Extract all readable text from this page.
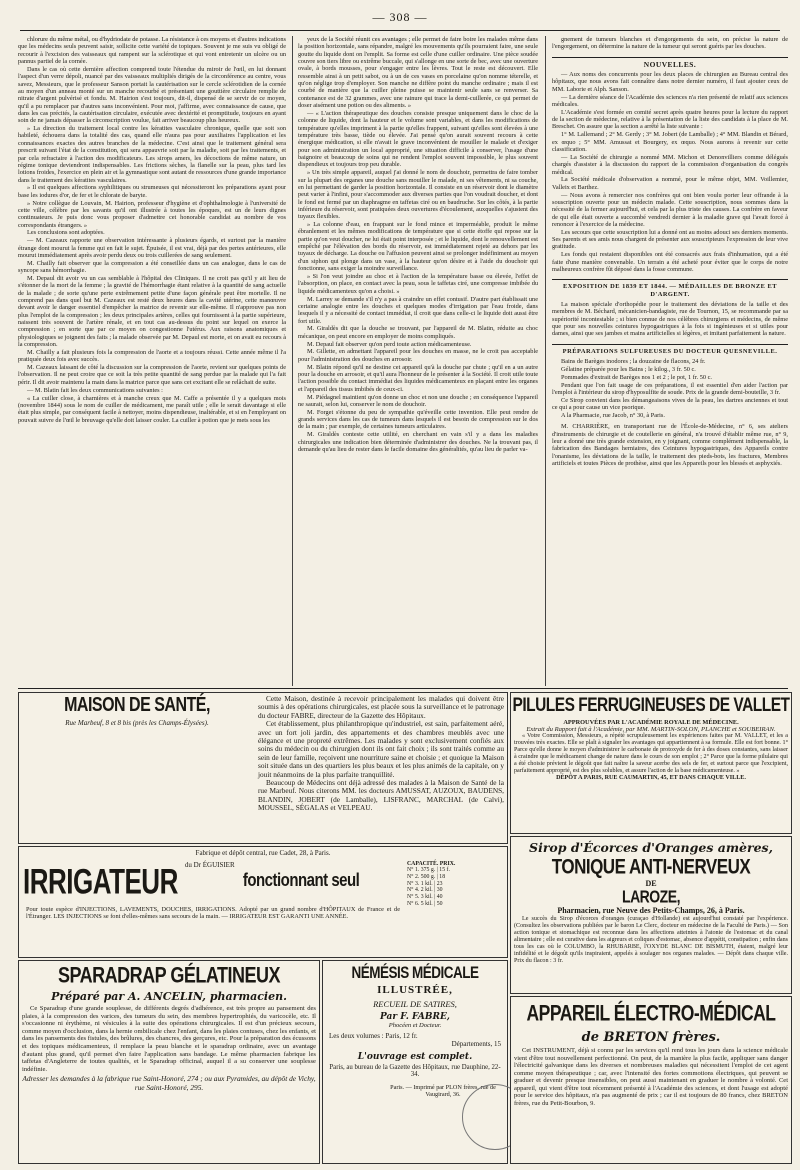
— 308 —

chlorure du même métal, ou d'hydriodate de potasse. La résistance à ces moyens et d'autres indications que les médecins seuls peuvent saisir, sollicite cette variété de topiques. Souvent je me suis vu obligé de recourir à l'excision des vaisseaux qui rampent sur la sclérotique et qui vont entretenir un ulcère ou un pannus partiel de la cornée.

Dans le cas où cette dernière affection comprend toute l'étendue du miroir de l'œil, en lui donnant l'aspect d'un verre dépoli, nuancé par des vaisseaux multipliés dirigés de la circonférence au centre, vous savez, Messieurs, que le professeur Sanson portait la cautérisation sur le cercle sclérotidien de la cornée au moyen d'un anneau monté sur un manche recourbé et présentant une gouttière circulaire remplie de nitrate d'argent pulvérisé et fondu. M. Hairion s'est toujours, dit-il, dispensé de se servir de ce moyen, qu'il a pu remplacer par d'autres sans inconvénient. Pour moi, j'affirme, avec connaissance de cause, que dans les cas précités, la cautérisation circulaire, exécutée avec dextérité et promptitude, toujours en ayant soin de ne jamais dépasser la circonscription voulue, fait arriver beaucoup plus heureux.

» La direction du traitement local contre les kératites vasculaire chronique, quelle que soit son habileté, échouera dans la totalité des cas, quand elle n'aura pas pour auxiliaires l'application et les connaissances exactes des autres branches de la médecine. C'est ainsi que le traitement général sera prescrit suivant l'état de la constitution, qui sera appauvrie soit par la maladie, soit par les traitements, et par cela refractaire à l'action des modificateurs. Les sirops amers, les décoctions de même nature, un régime tonique deviendront indispensables. Les frictions sèches, la flanelle sur la peau, plus tard les lotions froides, l'exercice en plein air et la gymnastique sont autant de ressources d'une grande importance dans le traitement des kératites vasculaires.

» Il est quelques affections syphilitiques ou strumeuses qui nécessiteront les préparations ayant pour base les iodures d'or, de fer et le chlorate de baryte.

» Notre collègue de Louvain, M. Hairion, professeur d'hygiène et d'ophthalmologie à l'université de cette ville, célèbre par les savants qu'il ont illustrée à toutes les époques, est un de leurs dignes continuateurs. Je puis donc vous proposer d'admettre cet honorable candidat au nombre de vos correspondants étrangers. »

Les conclusions sont adoptées.

— M. Cazeaux rapporte une observation intéressante à plusieurs égards, et surtout par la manière étrange dont mourut la femme qui en fait le sujet. Épuisée, il est vrai, déjà par des pertes antérieures, elle mourut immédiatement après avoir perdu deux ou trois cuillerées de sang seulement.

M. Chailly fait observer que la compression a été conseillée dans un cas analogue, dans le cas de syncope sans hémorrhagie.

M. Depaul dit avoir vu un cas semblable à l'hôpital des Cliniques. Il ne croit pas qu'il y ait lieu de s'étonner de la mort de la femme ; la gravité de l'hémorrhagie étant relative à la quantité de sang actuelle de la malade ; de sorte qu'une perte extrêmement petite d'une façon générale peut être mortelle. Il ne comprend pas dans quel but M. Cazeaux est resté deux heures dans la cavité utérine, cette manœuvre devant avoir le danger essentiel d'empêcher la matrice de revenir sur elle-même. Il n'approuve pas non plus l'emploi de la compression ; les deux principales artères, celles qui fournissent à la partie supérieure, naissent très souvent de l'artère rénale, et en tout cas au-dessus du point sur lequel on exerce la compression ; en sorte que par ce moyen on congestionne l'utérus. Aux raisons anatomiques et physiologiques se joignent des faits ; la malade observée par M. Depaul est morte, et on avait eu recours à la compression.

M. Chailly a fait plusieurs fois la compression de l'aorte et a toujours réussi. Cette année même il l'a pratiquée deux fois avec succès.

M. Cazeaux laissant de côté la discussion sur la compression de l'aorte, revient sur quelques points de l'observation. Il ne peut croire que ce soit la très petite quantité de sang perdue par la malade qui l'a fait périr. Il dit avoir maintenu la main dans la matrice parce que sans cet excitant elle se relâchait de suite.

— M. Blatin fait les deux communications suivantes :

« La cuiller close, à charnières et à manche creux que M. Caffe a présentée il y a quelques mois (novembre 1844) sous le nom de cuiller de médicament, me paraît utile ; elle le serait davantage si elle était plus simple, par conséquent facile à nettoyer, moins dispendieuse, inaltérable, et si en l'employant on pouvait suivre de l'œil le breuvage qu'elle doit laisser couler. La cuiller à potion que je mets sous les

yeux de la Société réunit ces avantages ; elle permet de faire boire les malades même dans la position horizontale, sans répandre, malgré les mouvements qu'ils pourraient faire, une seule goutte du liquide dont on l'emplit. Sa forme est celle d'une cuiller ordinaire. Une pièce soudée couvre son tiers libre ou extrême buccale, qui s'allonge en une sorte de bec, avec une ouverture ovale, à bords mousses, pour s'engager entre les lèvres. Tout le reste est découvert. Elle ressemble ainsi à un petit sabot, ou à un de ces vases en porcelaine qu'on nomme téterelle, et qu'on néglige trop d'employer. Son manche ne diffère point du manche ordinaire ; mais il est courbé de manière que la cuiller pleine puisse se maintenir seule sans se renverser. Sa contenance est de 32 grammes, avec une rainure qui trace la demi-cuillerée, ce qui permet de doser aisément une potion ou des aliments. »

— « L'action thérapeutique des douches consiste presque uniquement dans le choc de la colonne de liquide, dont la hauteur et le volume sont variables, et dans les modifications de température qu'elles impriment à la partie qu'elles frappent, suivant qu'elles sont élevées à une température très basse, tiède ou élevée. J'ai pensé qu'on aurait souvent recours à cette énergique médication, si elle n'avait le grave inconvénient de mouiller le malade et d'exiger pour son administration un local approprié, une situation difficile à conserver, l'usage d'une baignoire et beaucoup de soins qui ne rendent l'emploi souvent impossible, le plus souvent dispendieux et toujours trop peu durable.

» Un très simple appareil, auquel j'ai donné le nom de douchoir, permettra de faire tomber sur la plupart des organes une douche sans mouiller le malade, ni ses vêtements, ni sa couche, en lui permettant de garder la position horizontale. Il consiste en un réservoir dont le diamètre peut varier à l'infini, pour s'accommoder aux diverses parties que l'on voudrait doucher, et dont le fond est fermé par un diaphragme en taffetas ciré ou en baudruche. Sur les côtés, à la partie inférieure du réservoir, sont pratiquées deux ouvertures d'écoulement, auxquelles s'ajustent des tuyaux flexibles.

» La colonne d'eau, en frappant sur le fond mince et imperméable, produit le même ébranlement et les mêmes modifications de température que si cette étoffe qui repose sur la partie qu'on veut doucher, ne lui était point interposée ; et le liquide, dont le renouvellement est empêché par l'élévation des bords du réservoir, est immédiatement rejeté au dehors par les tuyaux de décharge. La douche ou l'affusion peuvent ainsi se prolonger indéfiniment au moyen d'un siphon qui plonge dans un vase, à la hauteur qu'on désire et à l'aide du douchoir qui fonctionne, sans exiger la moindre surveillance.

» Si l'on veut joindre au choc et à l'action de la température basse ou élevée, l'effet de l'absorption, on place, en contact avec la peau, sous le taffetas ciré, une compresse imbibée du liquide médicamenteux qu'on a choisi. »

M. Larrey se demande s'il n'y a pas à craindre un effet contusif. D'autre part établissait une certaine analogie entre les douches et quelques modes d'irrigation par l'eau froide, dans lesquels il y a nécessité de contact immédiat, il croit que dans celle-ci le liquide doit aussi être fort utile.

M. Giraldès dit que la douche se trouvant, par l'appareil de M. Blatin, réduite au choc mécanique, on peut encore en employer de moins compliqués.

M. Depaul fait observer qu'on perd toute action médicamenteuse.

M. Gillette, en admettant l'appareil pour les douches en masse, ne le croit pas acceptable pour l'administration des douches en arrosoir.

M. Blatin répond qu'il ne destine cet appareil qu'à la douche par chute ; qu'il en a un autre pour la douche en arrosoir, et qu'il aura l'honneur de le présenter à la Société. Il croit utile toute l'action possible du contact immédiat des liquides médicamenteux en plaçant entre les organes et l'appareil des tissus imbibés de ceux-ci.

M. Piédagnel maintient qu'on donne un choc et non une douche ; en conséquence l'appareil ne saurait, selon lui, conserver le nom de douchoir.

M. Forget s'étonne du peu de sympathie qu'éveille cette invention. Elle peut rendre de grands services dans les cas de tumeurs dans lesquels il est besoin de compression sur le dos de la main ; par exemple, de certaines tumeurs articulaires.

M. Giraldès conteste cette utilité, en cherchant en vain s'il y a dans les maladies chirurgicales une indication bien déterminée d'administrer des douches. Ne la trouvant pas, il demande qu'au lieu de rester dans le facile domaine des généralités, qu'au lieu de parler va-

gnement de tumeurs blanches et d'engorgements du sein, on précise la nature de l'engorgement, on détermine la nature de la tumeur qui seront guéris par les douches.

NOUVELLES.

— Aux noms des concurrents pour les deux places de chirurgien au Bureau central des hôpitaux, que nous avons fait connaître dans notre dernier numéro, il faut ajouter ceux de MM. Laborie et Alph. Sanson.

— La dernière séance de l'Académie des sciences n'a rien présenté de relatif aux sciences médicales.

L'Académie s'est formée en comité secret après quatre heures pour la lecture du rapport de la section de médecine, relative à la présentation de la liste des candidats à la place de M. Breschet. On assure que la section a arrêté la liste suivante :

1° M. Lallemand ; 2° M. Gerdy ; 3° M. Jobert (de Lamballe) ; 4° MM. Blandin et Bérard, ex œquo ; 5° MM. Amussat et Bourgery, ex œquo. Nous aurons à revenir sur cette classification.

— La Société de chirurgie a nommé MM. Michon et Denonvilliers comme délégués chargés d'assister à la discussion du rapport de la commission d'organisation du congrès médical.

La Société médicale d'observation a nommé, pour le même objet, MM. Voillemier, Valleix et Barthez.

— Nous avons à remercier nos confrères qui ont bien voulu porter leur offrande à la souscription ouverte pour un médecin malade. Cette souscription, nous sommes dans la nécessité de la fermer aujourd'hui, et cela par la plus triste des causes. La confrère en faveur de qui elle était ouverte a succombé vendredi dernier à la maladie grave qui l'avait forcé à renoncer à l'exercice de la médecine.

Les secours que cette souscription lui a donné ont au moins adouci ses derniers moments. Ses parents et ses amis nous chargent de présenter aux souscripteurs l'expression de leur vive gratitude.

Les fonds qui restaient disponibles ont été consacrés aux frais d'inhumation, qui a été faite d'une manière convenable. Un terrain a été acheté pour éviter que le corps de notre malheureux confrère fût déposé dans la fosse commune.

EXPOSITION DE 1839 ET 1844. — MÉDAILLES DE BRONZE ET D'ARGENT.

La maison spéciale d'orthopédie pour le traitement des déviations de la taille et des membres de M. Béchard, mécanicien-bandagiste, rue de Tournon, 15, se recommande par sa supériorité incontestable ; si bien connue de nos célèbres chirurgiens et médecins, de même que pour ses nouvelles ceintures hypogastriques à la fois si ingénieuses et si utiles pour dames, ainsi que ses jambes et mains artificielles si légères, et imitant parfaitement la nature.

PRÉPARATIONS SULFUREUSES DU DOCTEUR QUESNEVILLE.

Bains de Barèges inodores ; la douzaine de flacons, 24 fr.

Gélatine préparée pour les Bains ; le kilog., 3 fr. 50 c.

Pommades d'extrait de Barèges nos 1 et 2 ; le pot, 1 fr. 50 c.

Pendant que l'on fait usage de ces préparations, il est essentiel d'en aider l'action par l'emploi à l'intérieur du sirop d'hyposulfite de soude. Prix de la grande demi-bouteille, 3 fr.

Ce Sirop convient dans les démangeaisons vives de la peau, les dartres anciennes et tout ce qui a pour cause un vice psorique.

A la Pharmacie, rue Jacob, n° 30, à Paris.

M. CHARRIÈRE, en transportant rue de l'École-de-Médecine, n° 6, ses ateliers d'instruments de chirurgie et de coutellerie en général, n'a trouvé d'établir même rue, n° 9, leur a donné une très grande extension, en y joignant, comme complément indispensable, la fabrication des Bandages herniaires, des Ceintures hypogastriques, des Appareils contre l'onanisme, les déviations de la taille, le traitement des pieds-bots, les fractures, Membres artificiels et toutes Pièces de prothèse, ainsi que les Appareils pour les blessés et asphyxiés.

MAISON DE SANTÉ,
Rue Marbeuf, 8 et 8 bis (près les Champs-Élysées).

Cette Maison, destinée à recevoir principalement les malades qui doivent être soumis à des opérations chirurgicales, est placée sous la surveillance et le patronage du docteur FABRE, directeur de la Gazette des Hôpitaux.

Cet établissement, plus philanthropique qu'industriel, est sain, parfaitement aéré, avec un fort joli jardin, des appartements et des chambres meublés avec une élégance et une propreté extrêmes. Les malades y sont exclusivement confiés aux soins du médecin ou du chirurgien dont ils ont fait choix ; ils sont traités comme au sein de leur famille, reçoivent une nourriture saine et choisie ; et quoique la Maison soit située dans un des quartiers les plus beaux et les plus animés de la capitale, on y jouit néanmoins de la plus parfaite tranquillité.

Beaucoup de Médecins ont déjà adressé des malades à la Maison de Santé de la rue Marbeuf. Nous citerons MM. les docteurs AMUSSAT, AUZOUX, BAUDENS, BLANDIN, JOBERT (de Lamballe), LISFRANC, MARCHAL (de Calvi), MOUSSEL, SÉGALAS et VELPEAU.

Fabrique et dépôt central, rue Cadet, 28, à Paris.
IRRIGATEUR du Dr ÉGUISIER fonctionnant seul
Pour toute espèce d'INJECTIONS, LAVEMENTS, DOUCHES, IRRIGATIONS. Adopté par un grand nombre d'HÔPITAUX de France et de l'Étranger. LES INJECTIONS se font d'elles-mêmes sans secours de la main. — IRRIGATEUR EST GARANTI UNE ANNÉE.
CAPACITÉ. PRIX.
N° 1. 375 g. | 15 f.
N° 2. 500 g. | 18
N° 3. 1 kil. | 23
N° 4. 2 kil. | 30
N° 5. 3 kil. | 40
N° 6. 5 kil. | 50
SPARADRAP GÉLATINEUX
Préparé par A. ANCELIN, pharmacien.

Ce Sparadrap d'une grande souplesse, de différents degrés d'adhérence, est très propre au pansement des plaies, à la compression des varices, des tumeurs du sein, des membres hypertrophiés, du varicocèle, etc. Il s'occasionne ni érythème, ni vésicules à la suite des opérations chirurgicales. Il est d'un précieux secours, comme moyen d'occlusion, dans la hernie ombilicale chez l'enfant, dans les plaies contuses, chez les enfants, et dans les pansements des fistules, des brûlures, des chancres, des gerçures, etc. Pour la préparation des écussons et des topiques médicamenteux, il remplace la peau blanche et le sparadrap ordinaire, avec un avantage d'autant plus grand, qu'il permet d'en faire l'application sans bandage. Le même pharmacien fabrique les taffetas d'Angleterre de toutes qualités, et le Sparadrap officinal, auquel il a su conserver une souplesse indéfinie.

Adresser les demandes à la fabrique rue Saint-Honoré, 274 ; ou aux Pyramides, au dépôt de Vichy, rue Saint-Honoré, 295.

NÉMÉSIS MÉDICALE
ILLUSTRÉE,
RECUEIL DE SATIRES,
Par F. FABRE,
Phocéen et Docteur.
Les deux volumes : Paris, 12 fr.
Départements, 15
L'ouvrage est complet.
Paris, au bureau de la Gazette des Hôpitaux, rue Dauphine, 22-34.
Paris. — Imprimé par PLON frères, rue de Vaugirard, 36.
PILULES FERRUGINEUSES DE VALLET
APPROUVÉES PAR L'ACADÉMIE ROYALE DE MÉDECINE.
Extrait du Rapport fait à l'Académie, par MM. MARTIN-SOLON, PLANCHE et SOUBEIRAN.

« Votre Commission, Messieurs, a répété scrupuleusement les expériences faites par M. VALLET, et les a trouvées très exactes. Elle se plaît à signaler les avantages qui appartiennent à sa formule. Elle est fort bonne. 1° Parce qu'elle donne le moyen d'administrer le carbonate de protoxyde de fer à des doses constantes, sans laisser à craindre que le médicament change de nature dans le cours de son emploi ; 2° Parce que la forme pilulaire qui a été choisie prévient le dégoût que fait naître la saveur acerbe des sels de fer, et surtout parce que l'excipient, parfaitement approprié, est des plus solubles, et assure l'action de la base médicamenteuse. »

DÉPÔT A PARIS, RUE CAUMARTIN, 45, ET DANS CHAQUE VILLE.

Sirop d'Écorces d'Oranges amères,
TONIQUE ANTI-NERVEUX
DE
LAROZE,
Pharmacien, rue Neuve des Petits-Champs, 26, à Paris.

Le succès du Sirop d'écorces d'oranges (curaçao d'Hollande) est aujourd'hui constaté par l'expérience. (Consultez les observations publiées par le baron Le Clerc, docteur en médecine de la Faculté de Paris.) — Son action tonique et stomachique est reconnue dans les affections atteintes à l'atonie de l'estomac et du canal alimentaire ; elle est curative dans les aigreurs et coliques d'estomac, absence d'appétit, constipation ; enfin dans tous les cas où le COLUMBO, la RHUBARBE, l'OXYDE BLANC DE BISMUTH, étaient, malgré leur infidélité et le dégoût qu'ils inspiraient, appelés à soulager nos organes malades. — Dépôt dans chaque ville. Prix du flacon : 3 fr.

APPAREIL ÉLECTRO-MÉDICAL
de BRETON frères.

Cet INSTRUMENT, déjà si connu par les services qu'il rend tous les jours dans la science médicale vient d'être tout nouvellement perfectionné. On peut, de la manière la plus facile, appliquer sans danger l'électricité galvanique dans les diverses et nombreuses maladies qui nécessitent l'emploi de cet agent comme moyen thérapeutique ; car, avec l'intensité des fortes commotions électriques, qui peuvent se graduer et devenir presque insensibles, on peut aussi maintenant en graduer le nombre à volonté. Cet appareil, qui vient d'être tout récemment présenté à l'Académie des sciences, et dont l'usage est adopté pour le service des hôpitaux, n'a pas augmenté de prix ; car il est toujours de 80 francs, chez BRETON frères, rue du Petit-Bourbon, 9.
